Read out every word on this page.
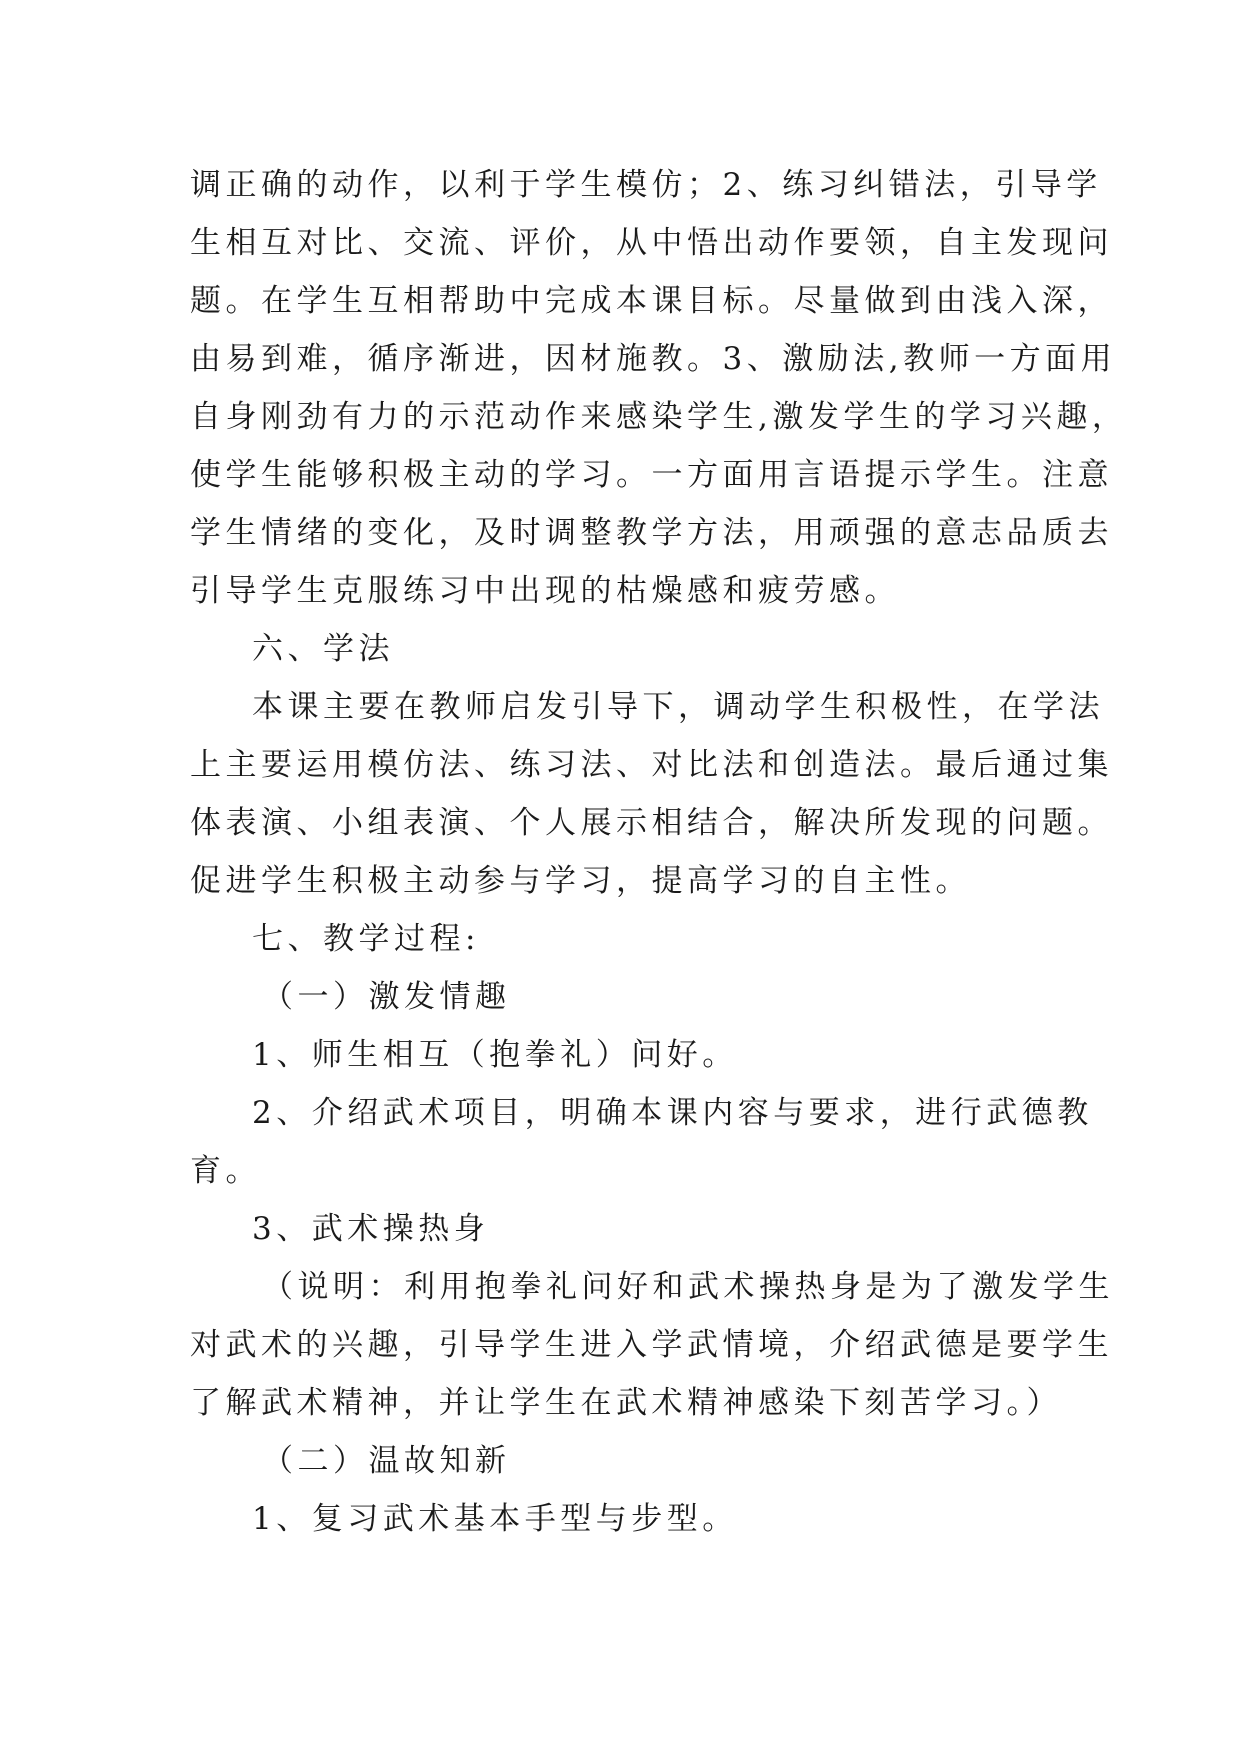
调正确的动作，以利于学生模仿；2、练习纠错法，引导学
生相互对比、交流、评价，从中悟出动作要领，自主发现问
题。在学生互相帮助中完成本课目标。尽量做到由浅入深，
由易到难，循序渐进，因材施教。3、激励法,教师一方面用
自身刚劲有力的示范动作来感染学生,激发学生的学习兴趣，
使学生能够积极主动的学习。一方面用言语提示学生。注意
学生情绪的变化，及时调整教学方法，用顽强的意志品质去
引导学生克服练习中出现的枯燥感和疲劳感。
六、学法
本课主要在教师启发引导下，调动学生积极性，在学法
上主要运用模仿法、练习法、对比法和创造法。最后通过集
体表演、小组表演、个人展示相结合，解决所发现的问题。
促进学生积极主动参与学习，提高学习的自主性。
七、教学过程:
（一）激发情趣
1、师生相互（抱拳礼）问好。
2、介绍武术项目，明确本课内容与要求，进行武德教
育。
3、武术操热身
（说明：利用抱拳礼问好和武术操热身是为了激发学生
对武术的兴趣，引导学生进入学武情境，介绍武德是要学生
了解武术精神，并让学生在武术精神感染下刻苦学习。）
（二）温故知新
1、复习武术基本手型与步型。
